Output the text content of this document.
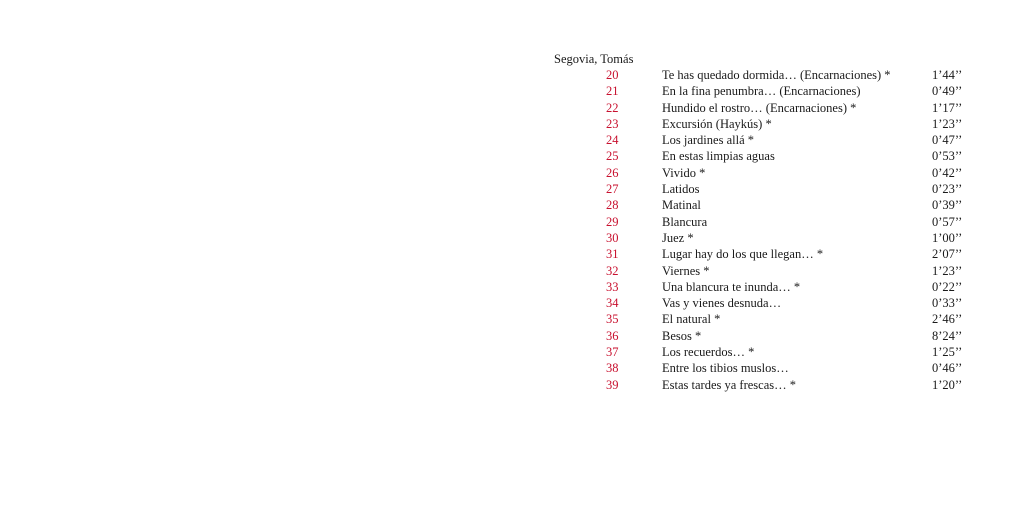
Segovia, Tomás
20	Te has quedado dormida… (Encarnaciones) *	1’44’’
21	En la fina penumbra… (Encarnaciones)	0’49’’
22	Hundido el rostro… (Encarnaciones) *	1’17’’
23	Excursión (Haykús) *	1’23’’
24	Los jardines allá *	0’47’’
25	En estas limpias aguas	0’53’’
26	Vivido *	0’42’’
27	Latidos	0’23’’
28	Matinal	0’39’’
29	Blancura	0’57’’
30	Juez *	1’00’’
31	Lugar hay do los que llegan… *	2’07’’
32	Viernes *	1’23’’
33	Una blancura te inunda… *	0’22’’
34	Vas y vienes desnuda…	0’33’’
35	El natural *	2’46’’
36	Besos *	8’24’’
37	Los recuerdos… *	1’25’’
38	Entre los tibios muslos…	0’46’’
39	Estas tardes ya frescas… *	1’20’’
